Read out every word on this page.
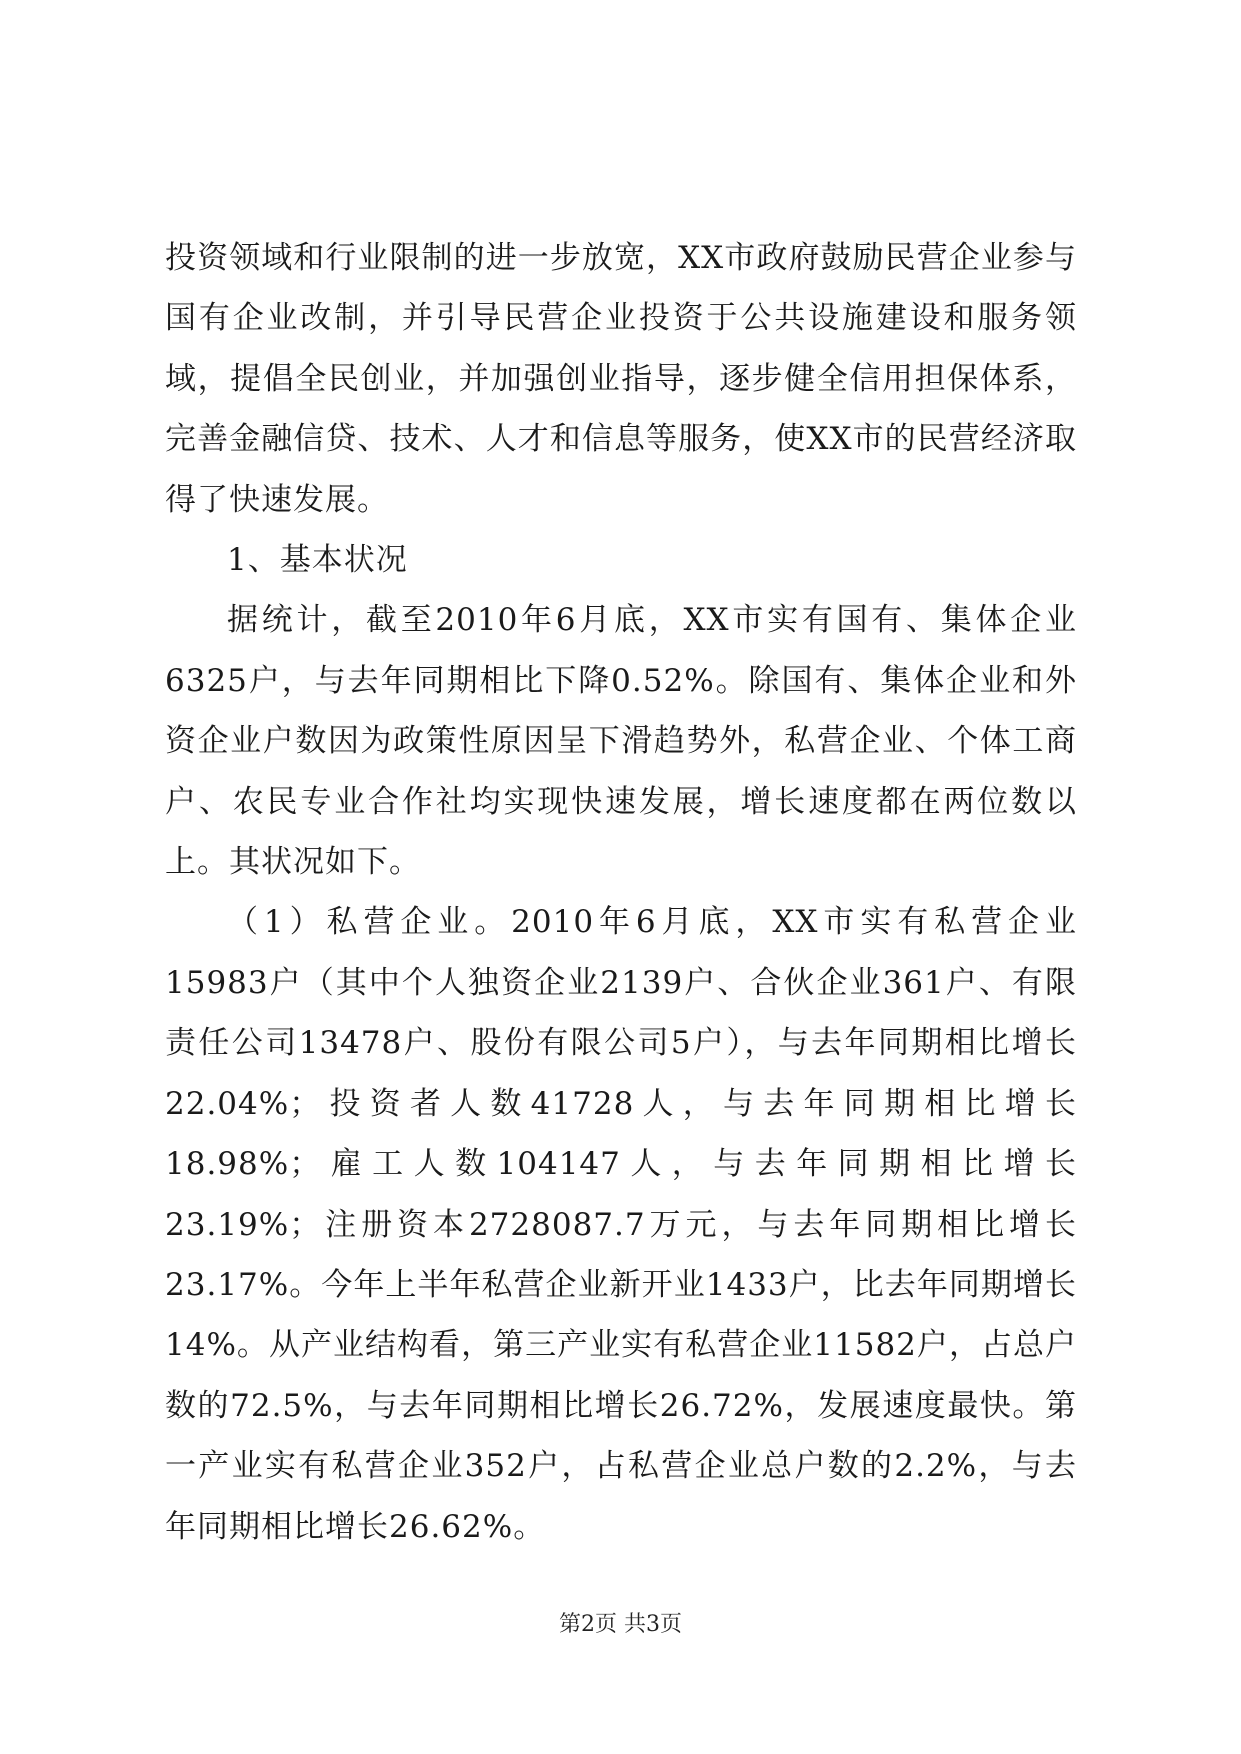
投资领域和行业限制的进一步放宽，XX市政府鼓励民营企业参与国有企业改制，并引导民营企业投资于公共设施建设和服务领域，提倡全民创业，并加强创业指导，逐步健全信用担保体系，完善金融信贷、技术、人才和信息等服务，使XX市的民营经济取得了快速发展。

1、基本状况

据统计，截至2010年6月底，XX市实有国有、集体企业6325户，与去年同期相比下降0.52%。除国有、集体企业和外资企业户数因为政策性原因呈下滑趋势外，私营企业、个体工商户、农民专业合作社均实现快速发展，增长速度都在两位数以上。其状况如下。

（1）私营企业。2010年6月底，XX市实有私营企业15983户（其中个人独资企业2139户、合伙企业361户、有限责任公司13478户、股份有限公司5户），与去年同期相比增长22.04%；投资者人数41728人，与去年同期相比增长18.98%；雇工人数104147人，与去年同期相比增长23.19%；注册资本2728087.7万元，与去年同期相比增长23.17%。今年上半年私营企业新开业1433户，比去年同期增长14%。从产业结构看，第三产业实有私营企业11582户，占总户数的72.5%，与去年同期相比增长26.72%，发展速度最快。第一产业实有私营企业352户，占私营企业总户数的2.2%，与去年同期相比增长26.62%。

第2页 共3页
